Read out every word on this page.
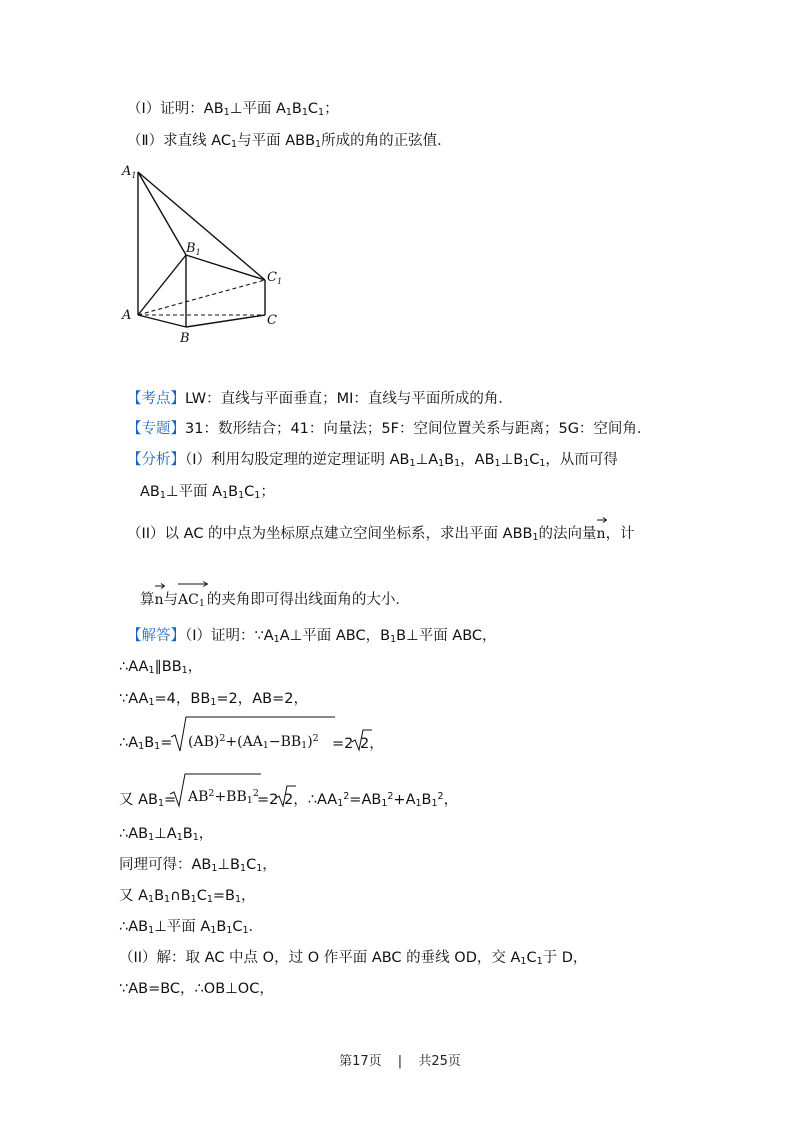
（Ⅰ）证明：$AB_1\perp$平面 $A_1B_1C_1$；
（Ⅱ）求直线 $AC_1$与平面 $ABB_1$所成的角的正弦值．
$A_1$
$B_1$
$C_1$
A
B
C
【考点】LW：直线与平面垂直；MI：直线与平面所成的角．
【专题】31：数形结合；41：向量法；5F：空间位置关系与距离；5G：空间角．
【分析】（I）利用勾股定理的逆定理证明 $AB_1\perp A_1B_1$，$AB_1\perp B_1C_1$，从而可得
$AB_1\perp$平面 $A_1B_1C_1$；
（II）以 AC 的中点为坐标原点建立空间坐标系，求出平面 $ABB_1$的法向量
n，计
算
n与
$AC_1$ 的夹角即可得出线面角的大小．
【解答】（I）证明：$\because A_1A\perp$平面 ABC，$B_1B\perp$平面 ABC，
$\therefore AA_1\parallel BB_1$，
$\because AA_1=4$，$BB_1=2$，AB=2，
$\therefore A_1B_1= (AB)^2+(AA_1-BB_1)^2 =2$ 2，
又 $AB_1= AB^2+BB_1^2$
=2 2，$\therefore AA_1^2=AB_1^2+A_1B_1^2$，
$\therefore AB_1\perp A_1B_1$，
同理可得：$AB_1\perp B_1C_1$，
又 $A_1B_1\cap B_1C_1=B_1$，
$\therefore AB_1\perp$平面 $A_1B_1C_1$．
（II）解：取 AC 中点 O，过 O 作平面 ABC 的垂线 OD，交 $A_1C_1$于 D，
∵AB=BC，∴OB⊥OC，
第17页 | 共25页
